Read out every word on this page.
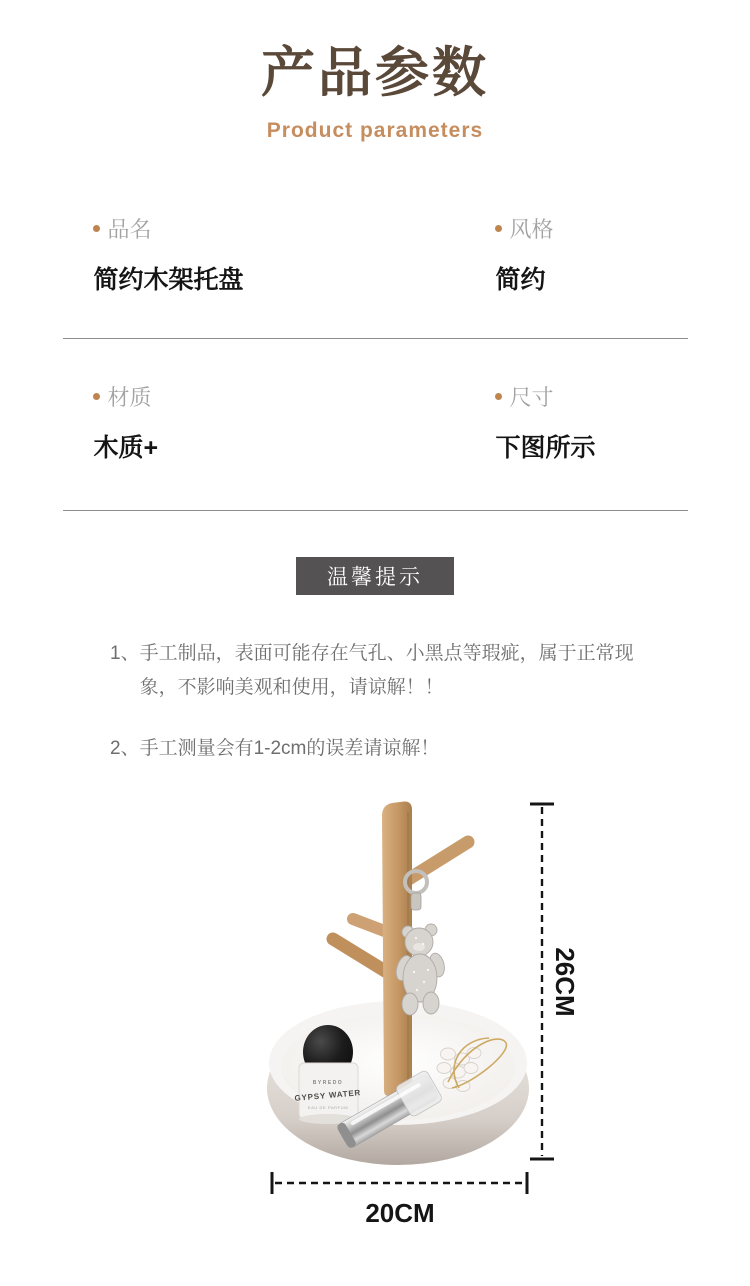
产品参数
Product parameters
品名
简约木架托盘
风格
简约
材质
木质+
尺寸
下图所示
温馨提示
1、 手工制品，表面可能存在气孔、小黑点等瑕疵，属于正常现象，不影响美观和使用，请谅解！！
2、 手工测量会有1-2cm的误差请谅解！
BYREDO
GYPSY WATER
EAU DE PARFUM
26CM
20CM
